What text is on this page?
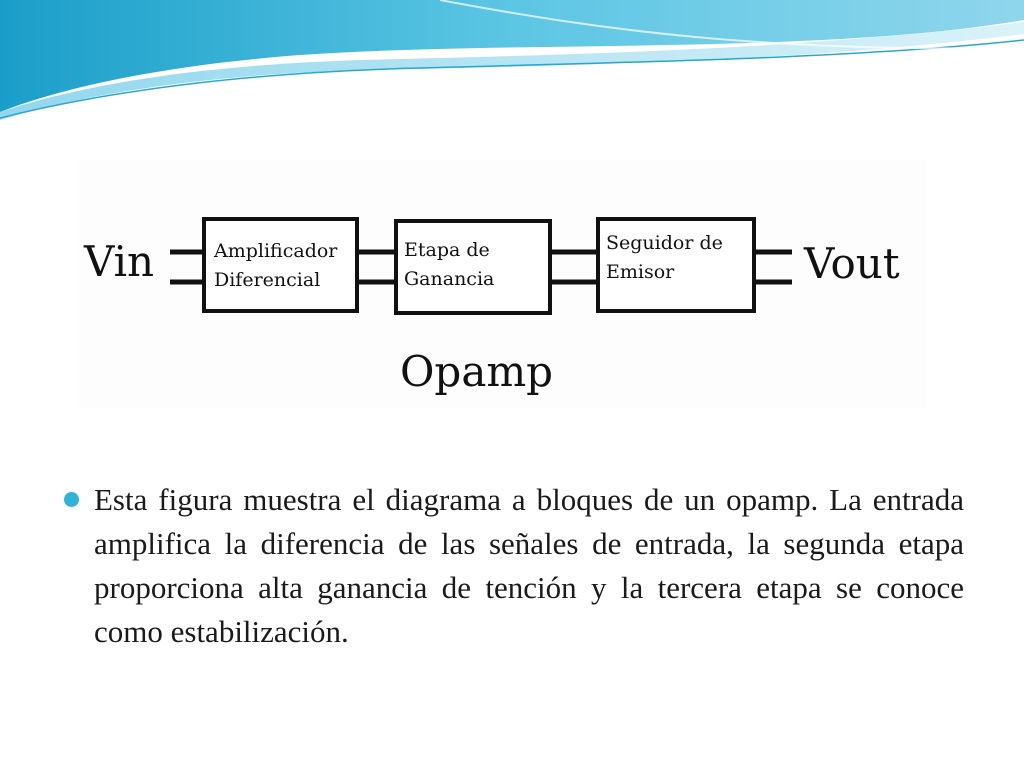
Vin	Amplificador
Diferencial
Etapa de
Ganancia
Seguidor de
Emisor	Vout
Opamp
Esta figura muestra el diagrama a bloques de un opamp. La entrada amplifica la diferencia de las señales de entrada, la segunda etapa proporciona alta ganancia de tención y la tercera etapa se conoce como estabilización.
